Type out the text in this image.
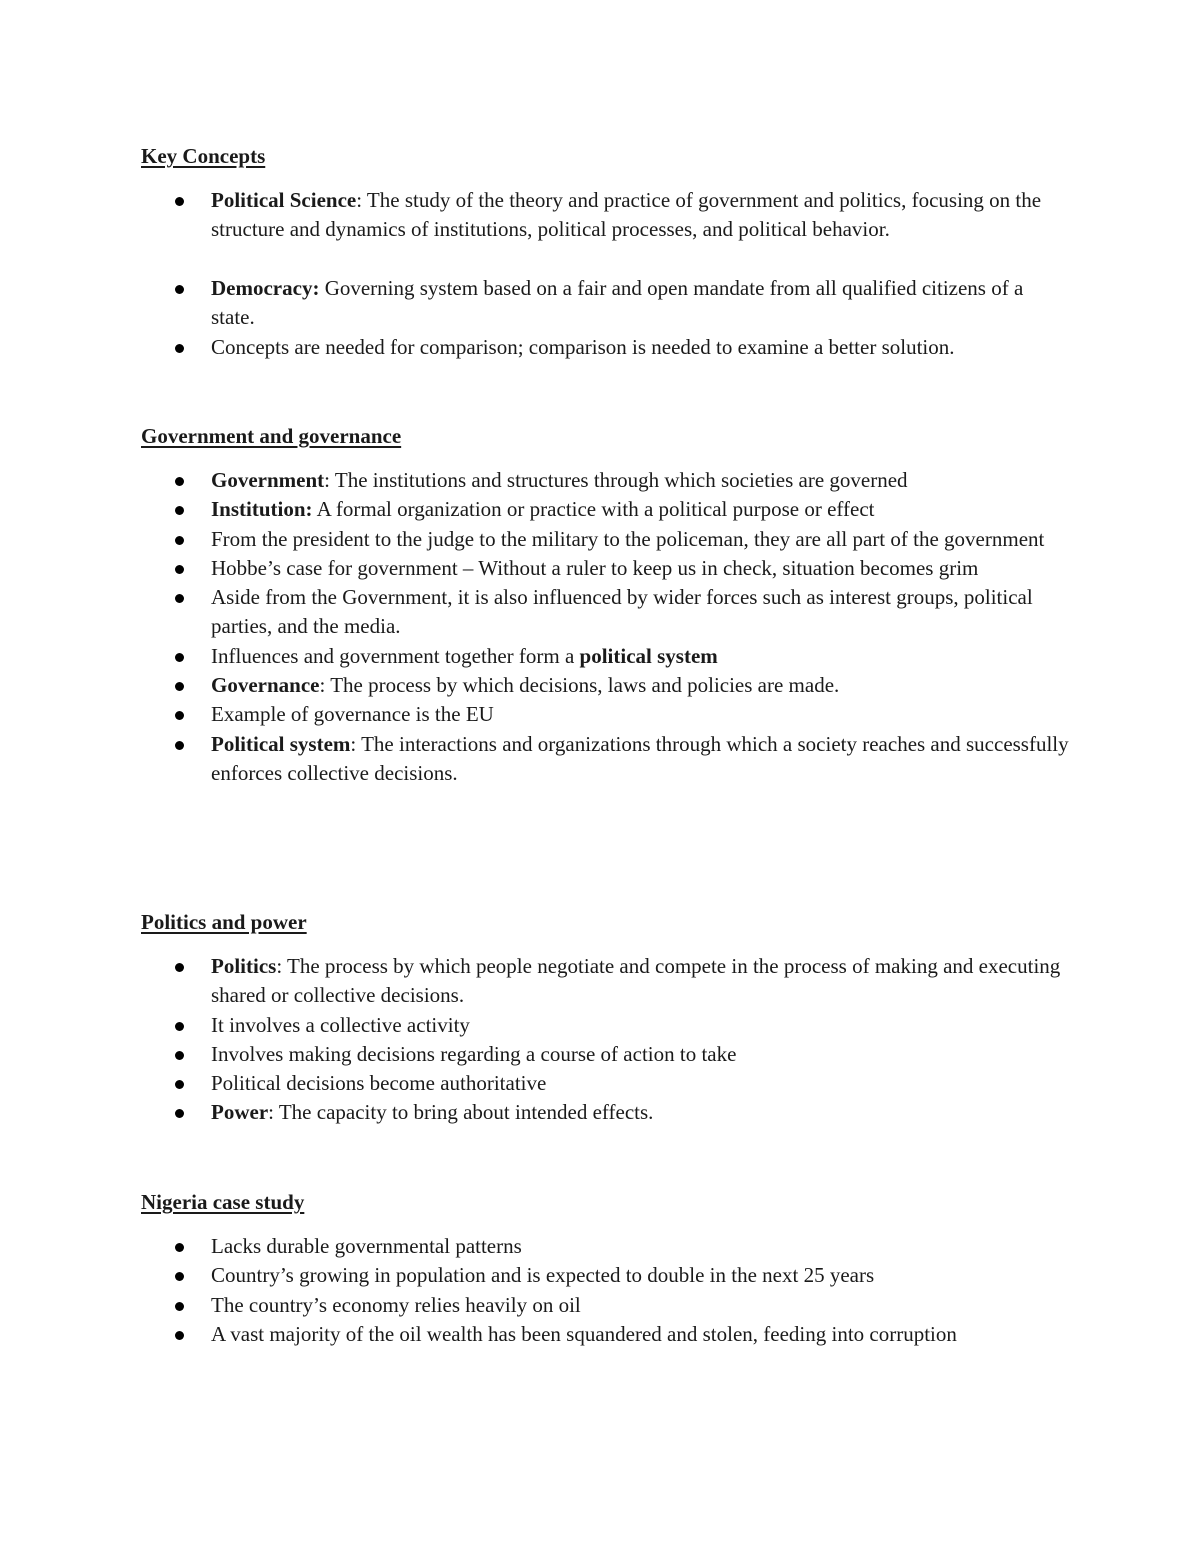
Key Concepts
Political Science: The study of the theory and practice of government and politics, focusing on the structure and dynamics of institutions, political processes, and political behavior.
Democracy: Governing system based on a fair and open mandate from all qualified citizens of a state.
Concepts are needed for comparison; comparison is needed to examine a better solution.
Government and governance
Government: The institutions and structures through which societies are governed
Institution: A formal organization or practice with a political purpose or effect
From the president to the judge to the military to the policeman, they are all part of the government
Hobbe’s case for government – Without a ruler to keep us in check, situation becomes grim
Aside from the Government, it is also influenced by wider forces such as interest groups, political parties, and the media.
Influences and government together form a political system
Governance: The process by which decisions, laws and policies are made.
Example of governance is the EU
Political system: The interactions and organizations through which a society reaches and successfully enforces collective decisions.
Politics and power
Politics: The process by which people negotiate and compete in the process of making and executing shared or collective decisions.
It involves a collective activity
Involves making decisions regarding a course of action to take
Political decisions become authoritative
Power: The capacity to bring about intended effects.
Nigeria case study
Lacks durable governmental patterns
Country’s growing in population and is expected to double in the next 25 years
The country’s economy relies heavily on oil
A vast majority of the oil wealth has been squandered and stolen, feeding into corruption
